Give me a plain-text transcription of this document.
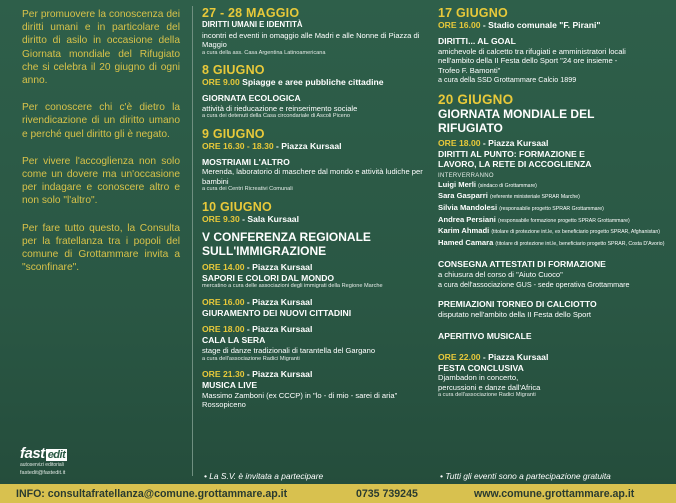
Per promuovere la conoscenza dei diritti umani e in particolare del diritto di asilo in occasione della Giornata mondiale del Rifugiato che si celebra il 20 giugno di ogni anno.

Per conoscere chi c'è dietro la rivendicazione di un diritto umano e perché quel diritto gli è negato.

Per vivere l'accoglienza non solo come un dovere ma un'occasione per indagare e conoscere altro e non solo "l'altro".

Per fare tutto questo, la Consulta per la fratellanza tra i popoli del comune di Grottammare invita a "sconfinare".

fast edit
autoservizi editoriali
fastedit@fastedit.it
27 - 28 MAGGIO
DIRITTI UMANI E IDENTITÀ
incontri ed eventi in omaggio alle Madri e alle Nonne di Piazza di Maggio
a cura della ass. Casa Argentina Latinoamericana
8 GIUGNO
ORE 9.00 Spiagge e aree pubbliche cittadine
GIORNATA ECOLOGICA
attività di rieducazione e reinserimento sociale
a cura dei detenuti della Casa circondariale di Ascoli Piceno
9 GIUGNO
ORE 16.30 - 18.30 - Piazza Kursaal
MOSTRIAMI L'ALTRO
Merenda, laboratorio di maschere dal mondo e attività ludiche per bambini
a cura dei Centri Ricreativi Comunali
10 GIUGNO
ORE 9.30 - Sala Kursaal
V CONFERENZA REGIONALE SULL'IMMIGRAZIONE
ORE 14.00 - Piazza Kursaal
SAPORI E COLORI DAL MONDO
mercatino a cura delle associazioni degli immigrati della Regione Marche
ORE 16.00 - Piazza Kursaal
GIURAMENTO DEI NUOVI CITTADINI
ORE 18.00 - Piazza Kursaal
CALA LA SERA
stage di danze tradizionali di tarantella del Gargano
a cura dell'associazione Radici Migranti
ORE 21.30 - Piazza Kursaal
MUSICA LIVE
Massimo Zamboni (ex CCCP) in "lo - di mio - sarei di aria"
Rossopiceno
17 GIUGNO
ORE 16.00 - Stadio comunale "F. Pirani"
DIRITTI... AL GOAL
amichevole di calcetto tra rifugiati e amministratori locali nell'ambito della II Festa dello Sport "24 ore insieme - Trofeo F. Bamonti"
a cura della SSD Grottammare Calcio 1899
20 GIUGNO
GIORNATA MONDIALE DEL RIFUGIATO
ORE 18.00 - Piazza Kursaal
DIRITTI AL PUNTO: FORMAZIONE E LAVORO, LA RETE DI ACCOGLIENZA
INTERVERRANNO
Luigi Merli (sindaco di Grottammare)
Sara Gasparri (referente ministeriale SPRAR Marche)
Silvia Mandolesi (responsabile progetto SPRAR Grottammare)
Andrea Persiani (responsabile formazione progetto SPRAR Grottammare)
Karim Ahmadi (titolare di protezione int.le, ex beneficiario progetto SPRAR, Afghanistan)
Hamed Camara (titolare di protezione int.le, beneficiario progetto SPRAR, Costa D'Avorio)
CONSEGNA ATTESTATI DI FORMAZIONE
a chiusura del corso di "Aiuto Cuoco"
a cura dell'associazione GUS - sede operativa Grottammare
PREMIAZIONI TORNEO DI CALCIOTTO
disputato nell'ambito della II Festa dello Sport
APERITIVO MUSICALE
ORE 22.00 - Piazza Kursaal
FESTA CONCLUSIVA
Djambadon in concerto, percussioni e danze dall'Africa
a cura dell'associazione Radici Migranti
• La S.V. è invitata a partecipare	• Tutti gli eventi sono a partecipazione gratuita
INFO: consultafratellanza@comune.grottammare.ap.it	0735 739245	www.comune.grottammare.ap.it
